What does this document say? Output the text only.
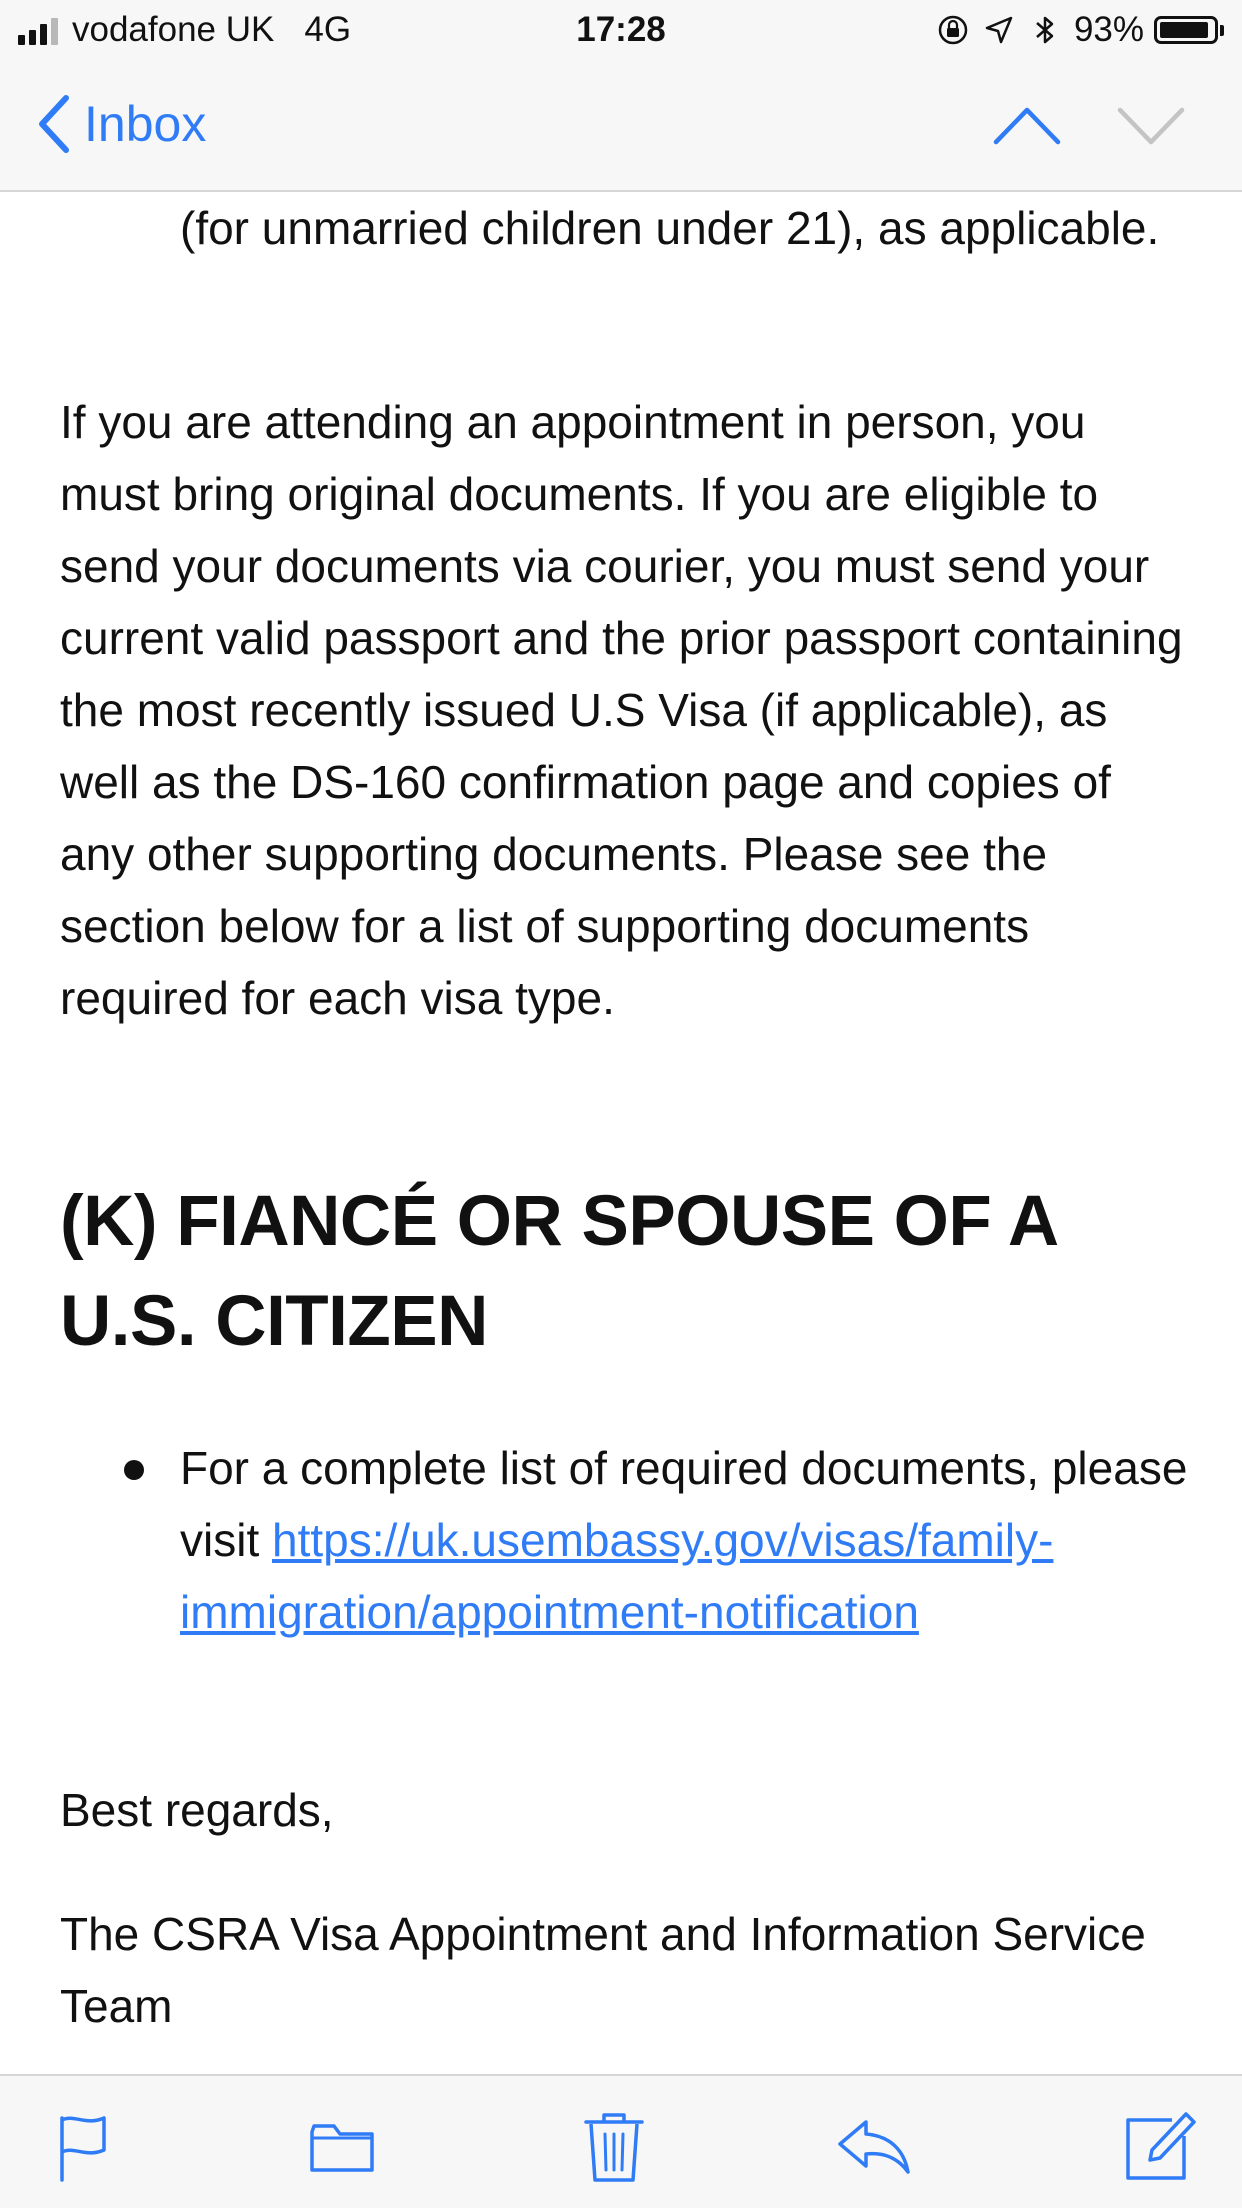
vodafone UK 4G	17:28	93%
Inbox

(for unmarried children under 21), as applicable.

If you are attending an appointment in person, you must bring original documents. If you are eligible to send your documents via courier, you must send your current valid passport and the prior passport containing the most recently issued U.S Visa (if applicable), as well as the DS-160 confirmation page and copies of any other supporting documents. Please see the section below for a list of supporting documents required for each visa type.

(K) FIANCÉ OR SPOUSE OF A U.S. CITIZEN
For a complete list of required documents, please visit https://uk.usembassy.gov/visas/family-immigration/appointment-notification

Best regards,

The CSRA Visa Appointment and Information Service Team
